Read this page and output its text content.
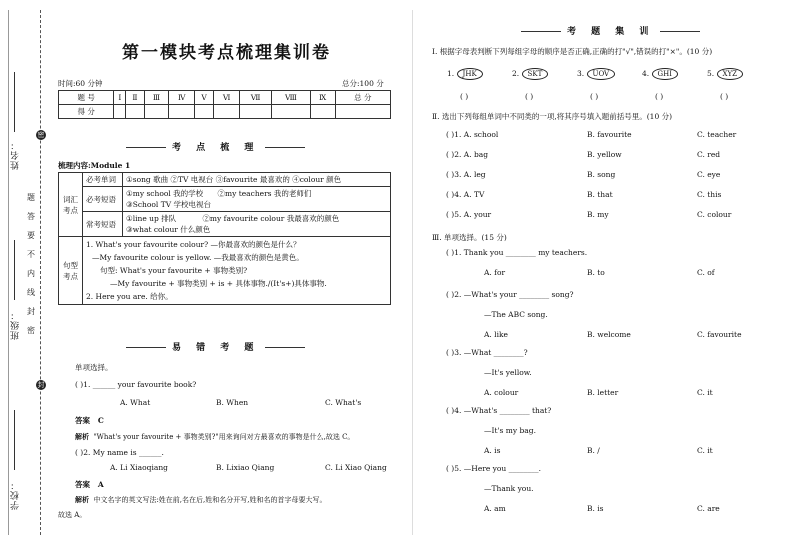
姓名：
班级：
学校：
密
封
题
答
要
不
内
线
封
密
第一模块考点梳理集训卷
时间:60 分钟	总分:100 分
题 号	Ⅰ	Ⅱ	Ⅲ	Ⅳ	Ⅴ	Ⅵ	Ⅶ	Ⅷ	Ⅸ	总 分
得 分										
考 点 梳 理
梳理内容:Module 1
词汇考点	必考单词	①song 歌曲 ②TV 电视台 ③favourite 最喜欢的 ④colour 颜色
	必考短语	①my school 我的学校 ②my teachers 我的老师们
③School TV 学校电视台

	常考短语	①line up 排队 ②my favourite colour 我最喜欢的颜色
③what colour 什么颜色

句型考点	1. What's your favourite colour? —你最喜欢的颜色是什么？
—My favourite colour is yellow. —我最喜欢的颜色是黄色。
句型: What's your favourite + 事物类别?
—My favourite + 事物类别 + is + 具体事物./(It's+)具体事物.
2. Here you are. 给你。	
易 错 考 题
单项选择。
( )1. ______ your favourite book?
A. What	B. When	C. What's
答案 C
解析 "What's your favourite + 事物类别?"用来询问对方最喜欢的事物是什么,故选 C。
( )2. My name is ______.
A. Li Xiaoqiang	B. Lixiao Qiang	C. Li Xiao Qiang
答案 A
解析 中文名字的英文写法:姓在前,名在后,姓和名分开写,姓和名的首字母要大写。
故选 A。
考 题 集 训
Ⅰ. 根据字母表判断下列每组字母的顺序是否正确,正确的打"√",错误的打"×"。(10 分)
1. JHK	2. SKT	3. UOV	4. GHI	5. XYZ
( )	( )	( )	( )	( )
Ⅱ. 选出下列每组单词中不同类的一项,将其序号填入题前括号里。(10 分)
( )1. A. school	B. favourite	C. teacher
( )2. A. bag	B. yellow	C. red
( )3. A. leg	B. song	C. eye
( )4. A. TV	B. that	C. this
( )5. A. your	B. my	C. colour
Ⅲ. 单项选择。(15 分)
( )1. Thank you ________ my teachers.
A. for	B. to	C. of
( )2. —What's your ________ song?
—The ABC song.
A. like	B. welcome	C. favourite
( )3. —What ________?
—It's yellow.
A. colour	B. letter	C. it
( )4. —What's ________ that?
—It's my bag.
A. is	B. /	C. it
( )5. —Here you ________.
—Thank you.
A. am	B. is	C. are
